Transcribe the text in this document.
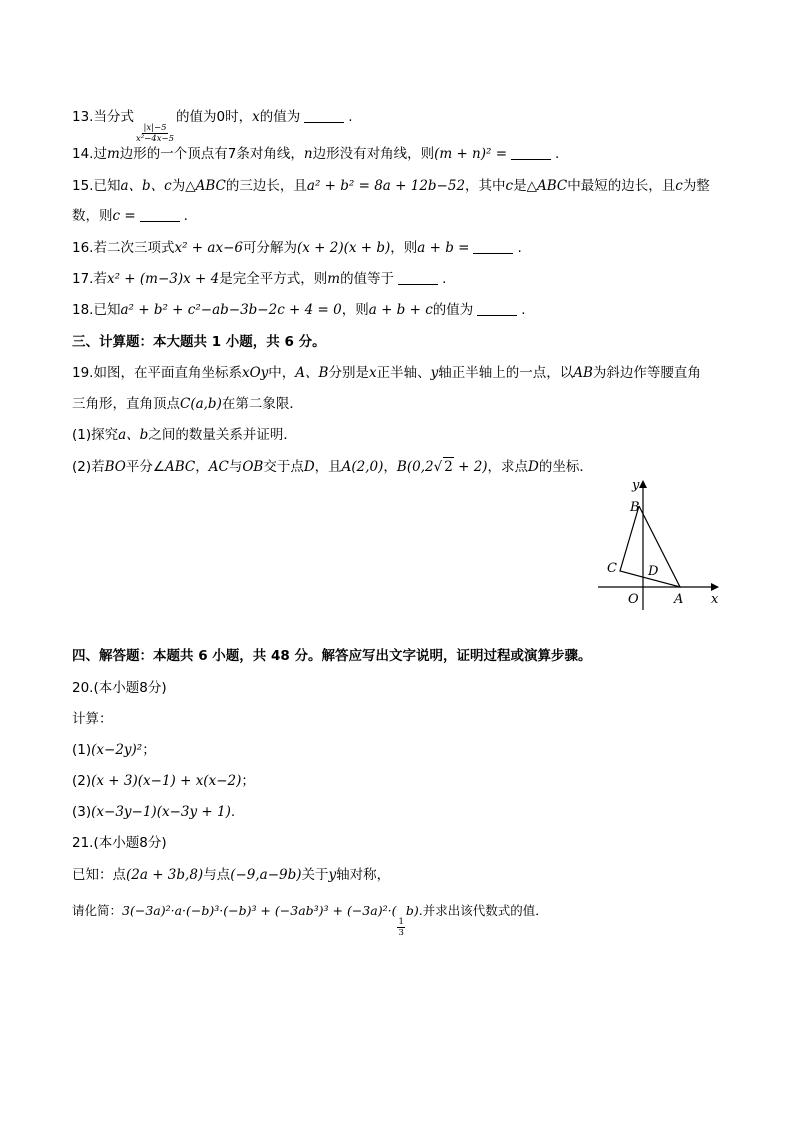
13.当分式
$\frac{|x|-5}{\text{x²−4x−5}}$
的值为0时，x的值为	.
14.过m边形的一个顶点有7条对角线，n边形没有对角线，则(m + n)² =	.
15.已知a、b、c为△ABC的三边长，且a² + b² = 8a + 12b−52，其中c是△ABC中最短的边长，且c为整
数，则c =	.
16.若二次三项式x² + ax−6可分解为(x + 2)(x + b)，则a + b =	.
17.若x² + (m−3)x + 4是完全平方式，则m的值等于	.
18.已知a² + b² + c²−ab−3b−2c + 4 = 0，则a + b + c的值为	.
三、计算题：本大题共 1 小题，共 6 分。
19.如图，在平面直角坐标系xOy中，A、B分别是x正半轴、y轴正半轴上的一点，以AB为斜边作等腰直角
三角形，直角顶点C(a,b)在第二象限．
(1)探究a、b之间的数量关系并证明．
(2)若BO平分∠ABC，AC与OB交于点D，且A(2,0)，B(0,2√ 2 + 2)，求点D的坐标．
y
x
B
C D
O	A
四、解答题：本题共 6 小题，共 48 分。解答应写出文字说明，证明过程或演算步骤。
20.(本小题8分)
计算：
(1)(x−2y)²；
(2)(x + 3)(x−1) + x(x−2)；
(3)(x−3y−1)(x−3y + 1).
21.(本小题8分)
已知：点(2a + 3b,8)与点(−9,a−9b)关于y轴对称，
请化简：3(−3a)²·a·(−b)³·(−b)³ + (−3ab³)³ + (−3a)²·(
$\frac{1}{3}$
b).并求出该代数式的值．
